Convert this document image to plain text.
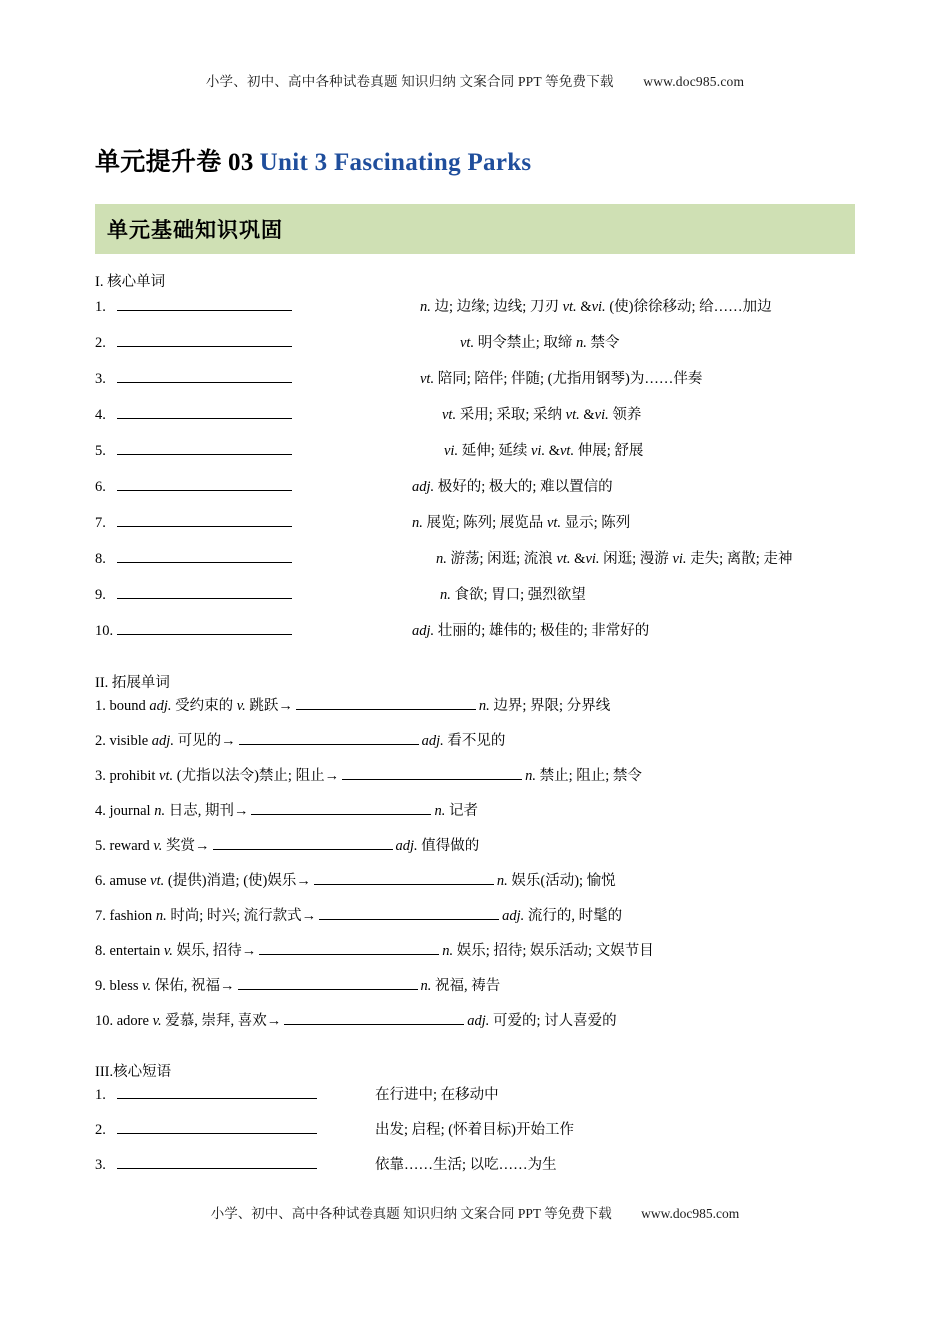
小学、初中、高中各种试卷真题 知识归纳 文案合同 PPT 等免费下载 www.doc985.com
单元提升卷 03 Unit 3 Fascinating Parks
单元基础知识巩固
I. 核心单词
1.	n. 边; 边缘; 边线; 刀刃 vt. &vi. (使)徐徐移动; 给……加边
2.	vt. 明令禁止; 取缔 n. 禁令
3.	vt. 陪同; 陪伴; 伴随; (尤指用钢琴)为……伴奏
4.	vt. 采用; 采取; 采纳 vt. &vi. 领养
5.	vi. 延伸; 延续 vi. &vt. 伸展; 舒展
6.	adj. 极好的; 极大的; 难以置信的
7.	n. 展览; 陈列; 展览品 vt. 显示; 陈列
8.	n. 游荡; 闲逛; 流浪 vt. &vi. 闲逛; 漫游 vi. 走失; 离散; 走神
9.	n. 食欲; 胃口; 强烈欲望
10.	adj. 壮丽的; 雄伟的; 极佳的; 非常好的
II. 拓展单词
1. bound adj. 受约束的 v. 跳跃→	n. 边界; 界限; 分界线
2. visible adj. 可见的→	adj. 看不见的
3. prohibit vt. (尤指以法令)禁止; 阻止→	n. 禁止; 阻止; 禁令
4. journal n. 日志, 期刊→	n. 记者
5. reward v. 奖赏→	adj. 值得做的
6. amuse vt. (提供)消遣; (使)娱乐→	n. 娱乐(活动); 愉悦
7. fashion n. 时尚; 时兴; 流行款式→	adj. 流行的, 时髦的
8. entertain v. 娱乐, 招待→	n. 娱乐; 招待; 娱乐活动; 文娱节目
9. bless v. 保佑, 祝福→	n. 祝福, 祷告
10. adore v. 爱慕, 崇拜, 喜欢→	adj. 可爱的; 讨人喜爱的
III.核心短语
1.	在行进中; 在移动中
2.	出发; 启程; (怀着目标)开始工作
3.	依靠……生活; 以吃……为生
小学、初中、高中各种试卷真题 知识归纳 文案合同 PPT 等免费下载 www.doc985.com
